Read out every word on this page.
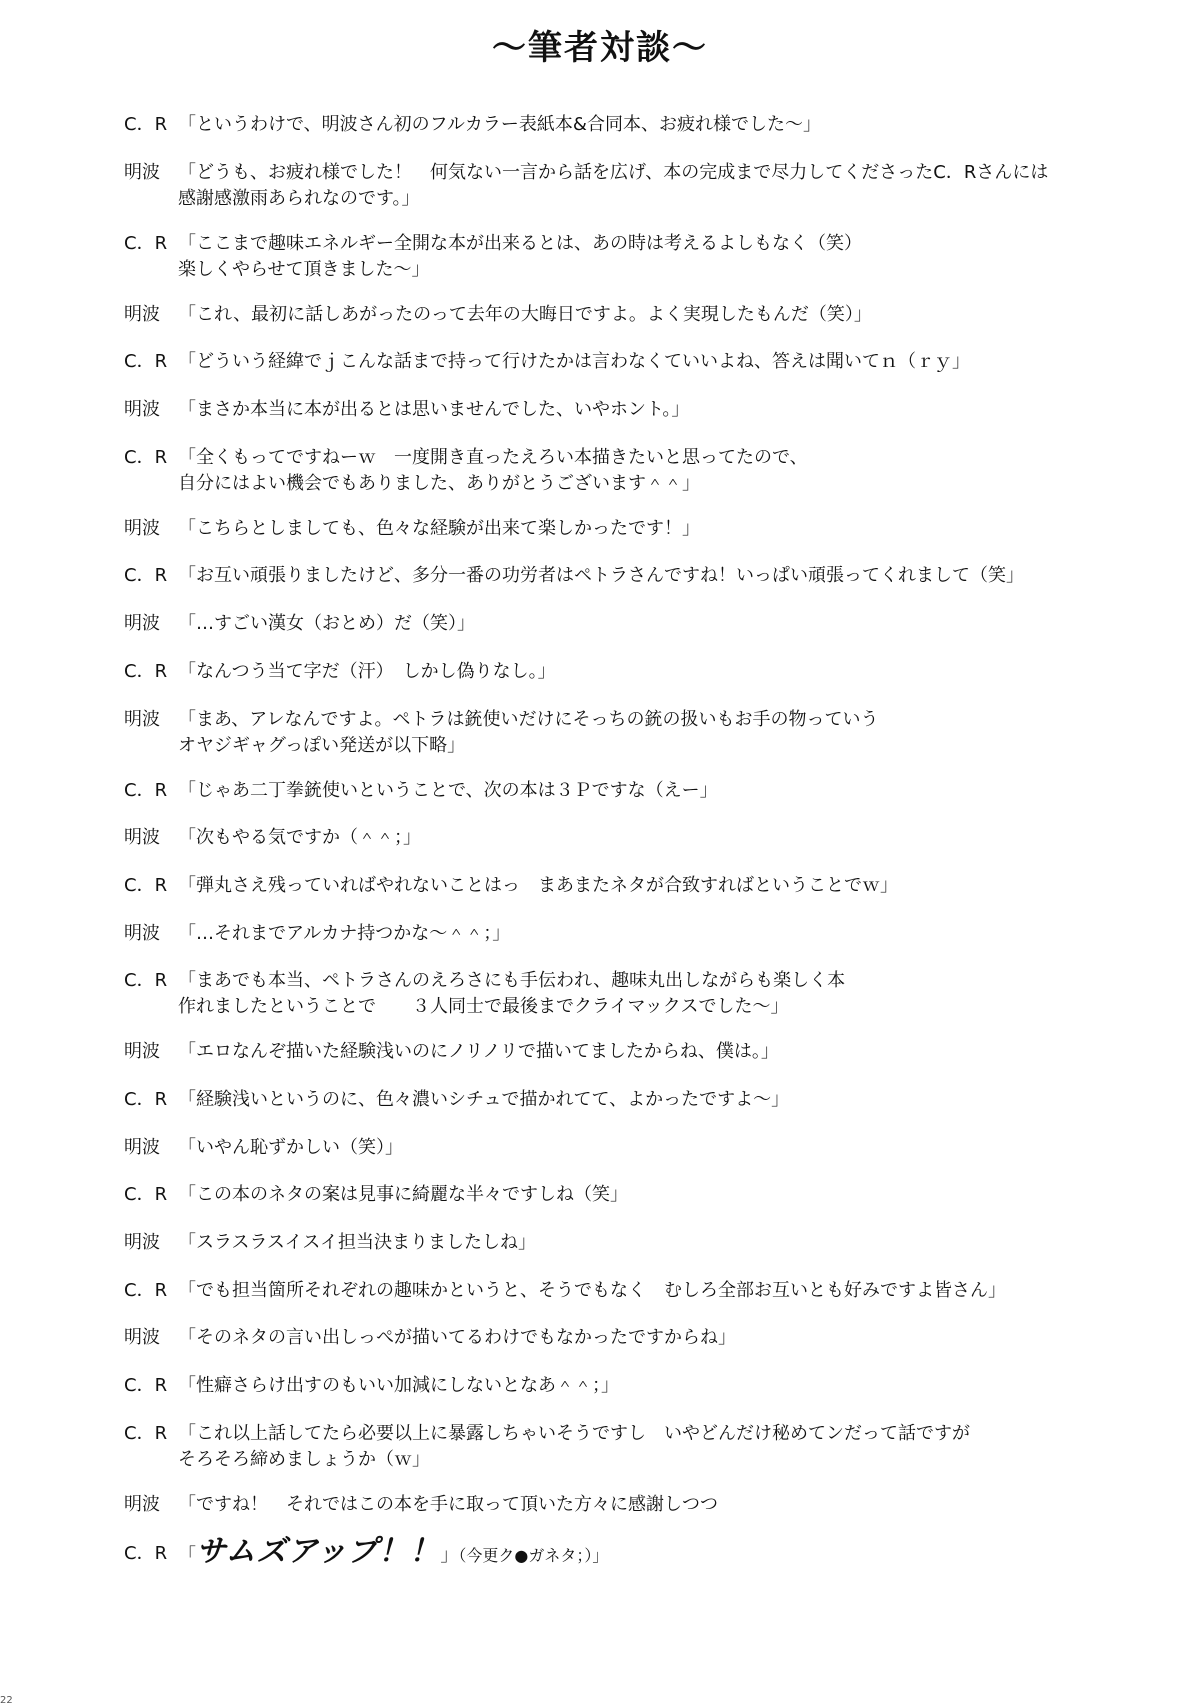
〜筆者対談〜
C．R 「というわけで、明波さん初のフルカラー表紙本&合同本、お疲れ様でした〜」
明波	「どうも、お疲れ様でした！　何気ない一言から話を広げ、本の完成まで尽力してくださったC．Rさんには
感謝感激雨あられなのです。」
C．R 「ここまで趣味エネルギー全開な本が出来るとは、あの時は考えるよしもなく（笑）
楽しくやらせて頂きました〜」
明波	「これ、最初に話しあがったのって去年の大晦日ですよ。よく実現したもんだ（笑）」
C．R 「どういう経緯でｊこんな話まで持って行けたかは言わなくていいよね、答えは聞いてｎ（ｒｙ」
明波	「まさか本当に本が出るとは思いませんでした、いやホント。」
C．R 「全くもってですねーｗ　一度開き直ったえろい本描きたいと思ってたので、
自分にはよい機会でもありました、ありがとうございます＾＾」
明波	「こちらとしましても、色々な経験が出来て楽しかったです！」
C．R 「お互い頑張りましたけど、多分一番の功労者はペトラさんですね！いっぱい頑張ってくれまして（笑」
明波	「…すごい漢女（おとめ）だ（笑）」
C．R 「なんつう当て字だ（汗）　しかし偽りなし。」
明波	「まあ、アレなんですよ。ペトラは銃使いだけにそっちの銃の扱いもお手の物っていう
オヤジギャグっぽい発送が以下略」
C．R 「じゃあ二丁拳銃使いということで、次の本は３Ｐですな（えー」
明波	「次もやる気ですか（＾＾；」
C．R 「弾丸さえ残っていればやれないことはっ　まあまたネタが合致すればということでｗ」
明波	「…それまでアルカナ持つかな〜＾＾；」
C．R 「まあでも本当、ペトラさんのえろさにも手伝われ、趣味丸出しながらも楽しく本
作れましたということで　　３人同士で最後までクライマックスでした〜」
明波	「エロなんぞ描いた経験浅いのにノリノリで描いてましたからね、僕は。」
C．R 「経験浅いというのに、色々濃いシチュで描かれてて、よかったですよ〜」
明波	「いやん恥ずかしい（笑）」
C．R 「この本のネタの案は見事に綺麗な半々ですしね（笑」
明波	「スラスラスイスイ担当決まりましたしね」
C．R 「でも担当箇所それぞれの趣味かというと、そうでもなく　むしろ全部お互いとも好みですよ皆さん」
明波	「そのネタの言い出しっぺが描いてるわけでもなかったですからね」
C．R 「性癖さらけ出すのもいい加減にしないとなあ＾＾；」
C．R 「これ以上話してたら必要以上に暴露しちゃいそうですし　いやどんだけ秘めてンだって話ですが
そろそろ締めましょうか（ｗ」
明波	「ですね！　それではこの本を手に取って頂いた方々に感謝しつつ
C．R 「サムズアップ！！」（今更ク●ガネタ；）」
22
